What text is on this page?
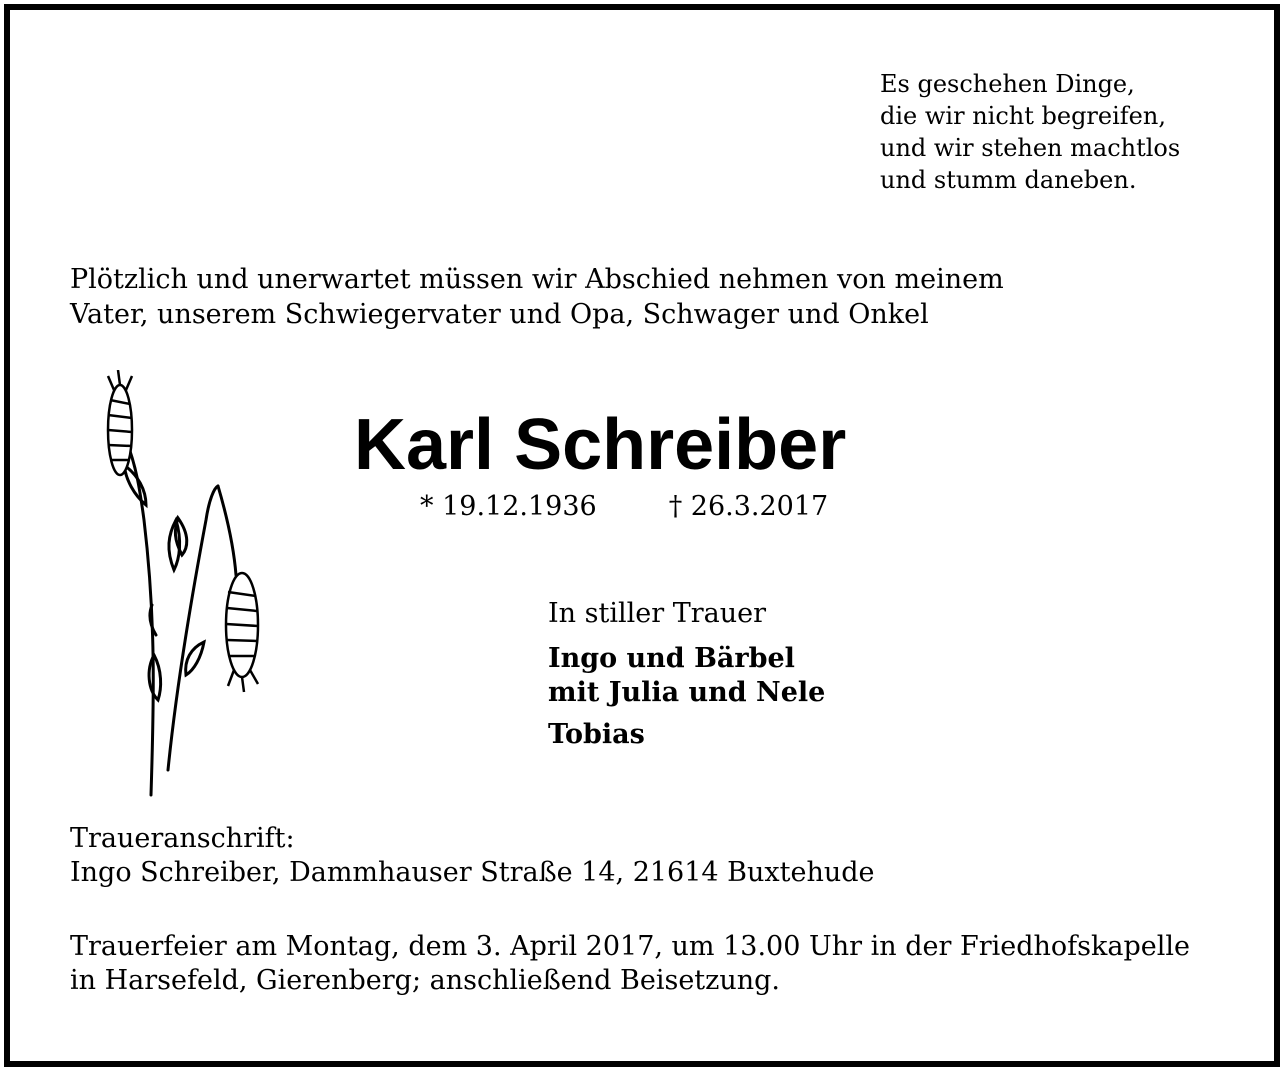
Es geschehen Dinge,
die wir nicht begreifen,
und wir stehen machtlos
und stumm daneben.
Plötzlich und unerwartet müssen wir Abschied nehmen von meinem
Vater, unserem Schwiegervater und Opa, Schwager und Onkel
Karl Schreiber
* 19.12.1936	† 26.3.2017
In stiller Trauer
Ingo und Bärbel
mit Julia und Nele
Tobias
Traueranschrift:
Ingo Schreiber, Dammhauser Straße 14, 21614 Buxtehude
Trauerfeier am Montag, dem 3. April 2017, um 13.00 Uhr in der Friedhofskapelle
in Harsefeld, Gierenberg; anschließend Beisetzung.
